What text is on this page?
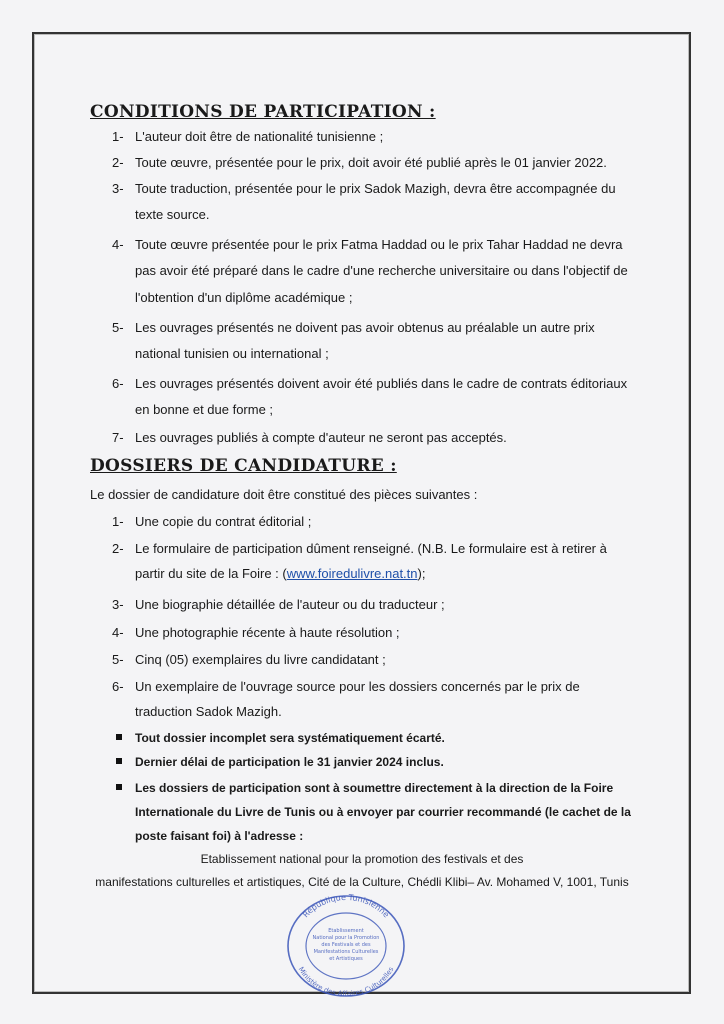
CONDITIONS DE PARTICIPATION :
1- L'auteur doit être de nationalité tunisienne ;

2- Toute œuvre, présentée pour le prix, doit avoir été publié après le 01 janvier 2022.

3- Toute traduction, présentée pour le prix Sadok Mazigh, devra être accompagnée du

texte source.

4- Toute œuvre présentée pour le prix Fatma Haddad ou le prix Tahar Haddad ne devra

pas avoir été préparé dans le cadre d'une recherche universitaire ou dans l'objectif de

l'obtention d'un diplôme académique ;

5- Les ouvrages présentés ne doivent pas avoir obtenus au préalable un autre prix

national tunisien ou international ;

6- Les ouvrages présentés doivent avoir été publiés dans le cadre de contrats éditoriaux

en bonne et due forme ;

7- Les ouvrages publiés à compte d'auteur ne seront pas acceptés.

DOSSIERS DE CANDIDATURE :

Le dossier de candidature doit être constitué des pièces suivantes :

1- Une copie du contrat éditorial ;

2- Le formulaire de participation dûment renseigné. (N.B. Le formulaire est à retirer à

partir du site de la Foire : (www.foiredulivre.nat.tn);

3- Une biographie détaillée de l'auteur ou du traducteur ;

4- Une photographie récente à haute résolution ;

5- Cinq (05) exemplaires du livre candidatant ;

6- Un exemplaire de l'ouvrage source pour les dossiers concernés par le prix de

traduction Sadok Mazigh.

Tout dossier incomplet sera systématiquement écarté.

Dernier délai de participation le 31 janvier 2024 inclus.

Les dossiers de participation sont à soumettre directement à la direction de la Foire

Internationale du Livre de Tunis ou à envoyer par courrier recommandé (le cachet de la

poste faisant foi) à l'adresse :

Etablissement national pour la promotion des festivals et des

manifestations culturelles et artistiques, Cité de la Culture, Chédli Klibi– Av. Mohamed V, 1001, Tunis

République Tunisienne
Ministère des Affaires Culturelles
Etablissement
National pour la Promotion
des Festivals et des
Manifestations Culturelles
et Artistiques
